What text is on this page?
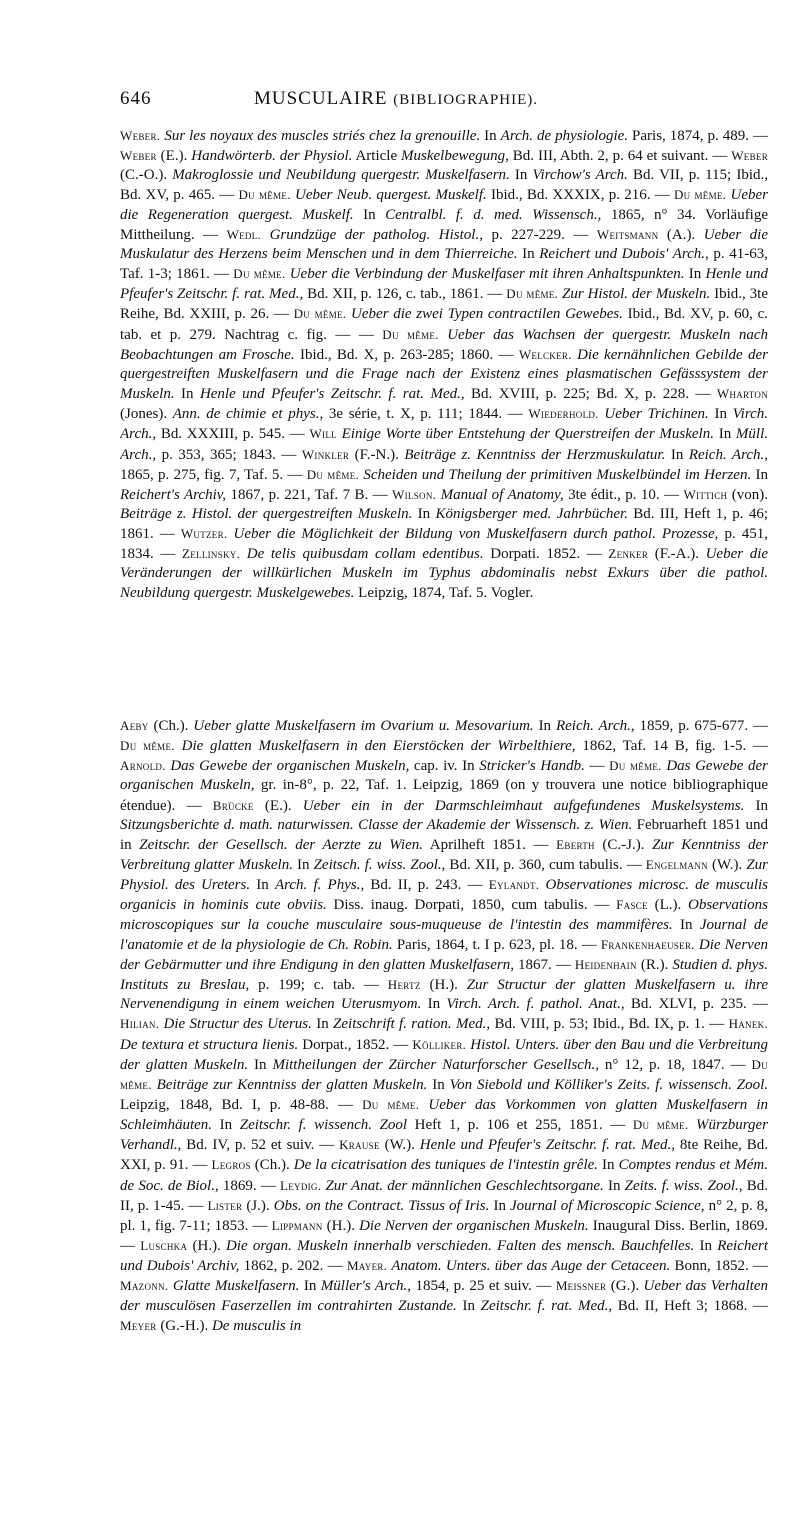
646	MUSCULAIRE (BIBLIOGRAPHIE).
Weber. Sur les noyaux des muscles striés chez la grenouille. In Arch. de physiologie. Paris, 1874, p. 489. — Weber (E.). Handwörterb. der Physiol. Article Muskelbewegung, Bd. III, Abth. 2, p. 64 et suivant. — Weber (C.-O.). Makroglossie und Neubildung quergestr. Muskelfasern. In Virchow's Arch. Bd. VII, p. 115; Ibid., Bd. XV, p. 465. — Du même. Ueber Neub. quergest. Muskelf. Ibid., Bd. XXXIX, p. 216. — Du même. Ueber die Regeneration quergest. Muskelf. In Centralbl. f. d. med. Wissensch., 1865, n° 34. Vorläufige Mittheilung. — Wedl. Grundzüge der patholog. Histol., p. 227-229. — Weitsmann (A.). Ueber die Muskulatur des Herzens beim Menschen und in dem Thierreiche. In Reichert und Dubois' Arch., p. 41-63, Taf. 1-3; 1861. — Du même. Ueber die Verbindung der Muskelfaser mit ihren Anhaltspunkten. In Henle und Pfeufer's Zeitschr. f. rat. Med., Bd. XII, p. 126, c. tab., 1861. — Du même. Zur Histol. der Muskeln. Ibid., 3te Reihe, Bd. XXIII, p. 26. — Du même. Ueber die zwei Typen contractilen Gewebes. Ibid., Bd. XV, p. 60, c. tab. et p. 279. Nachtrag c. fig. — — Du même. Ueber das Wachsen der quergestr. Muskeln nach Beobachtungen am Frosche. Ibid., Bd. X, p. 263-285; 1860. — Welcker. Die kernähnlichen Gebilde der quergestreiften Muskelfasern und die Frage nach der Existenz eines plasmatischen Gefässsystem der Muskeln. In Henle und Pfeufer's Zeitschr. f. rat. Med., Bd. XVIII, p. 225; Bd. X, p. 228. — Wharton (Jones). Ann. de chimie et phys., 3e série, t. X, p. 111; 1844. — Wiederhold. Ueber Trichinen. In Virch. Arch., Bd. XXXIII, p. 545. — Will Einige Worte über Entstehung der Querstreifen der Muskeln. In Müll. Arch., p. 353, 365; 1843. — Winkler (F.-N.). Beiträge z. Kenntniss der Herzmuskulatur. In Reich. Arch., 1865, p. 275, fig. 7, Taf. 5. — Du même. Scheiden und Theilung der primitiven Muskelbündel im Herzen. In Reichert's Archiv, 1867, p. 221, Taf. 7 B. — Wilson. Manual of Anatomy, 3te édit., p. 10. — Wittich (von). Beiträge z. Histol. der quergestreiften Muskeln. In Königsberger med. Jahrbücher. Bd. III, Heft 1, p. 46; 1861. — Wutzer. Ueber die Möglichkeit der Bildung von Muskelfasern durch pathol. Prozesse, p. 451, 1834. — Zellinsky. De telis quibusdam collam edentibus. Dorpati. 1852. — Zenker (F.-A.). Ueber die Veränderungen der willkürlichen Muskeln im Typhus abdominalis nebst Exkurs über die pathol. Neubildung quergestr. Muskelgewebes. Leipzig, 1874, Taf. 5. Vogler.
Aeby (Ch.). Ueber glatte Muskelfasern im Ovarium u. Mesovarium. In Reich. Arch., 1859, p. 675-677. — Du même. Die glatten Muskelfasern in den Eierstöcken der Wirbelthiere, 1862, Taf. 14 B, fig. 1-5. — Arnold. Das Gewebe der organischen Muskeln, cap. iv. In Stricker's Handb. — Du même. Das Gewebe der organischen Muskeln, gr. in-8°, p. 22, Taf. 1. Leipzig, 1869 (on y trouvera une notice bibliographique étendue). — Brücke (E.). Ueber ein in der Darmschleimhaut aufgefundenes Muskelsystems. In Sitzungsberichte d. math. naturwissen. Classe der Akademie der Wissensch. z. Wien. Februarheft 1851 und in Zeitschr. der Gesellsch. der Aerzte zu Wien. Aprilheft 1851. — Eberth (C.-J.). Zur Kenntniss der Verbreitung glatter Muskeln. In Zeitsch. f. wiss. Zool., Bd. XII, p. 360, cum tabulis. — Engelmann (W.). Zur Physiol. des Ureters. In Arch. f. Phys., Bd. II, p. 243. — Eylandt. Observationes microsc. de musculis organicis in hominis cute obviis. Diss. inaug. Dorpati, 1850, cum tabulis. — Fasce (L.). Observations microscopiques sur la couche musculaire sous-muqueuse de l'intestin des mammifères. In Journal de l'anatomie et de la physiologie de Ch. Robin. Paris, 1864, t. I p. 623, pl. 18. — Frankenhaeuser. Die Nerven der Gebärmutter und ihre Endigung in den glatten Muskelfasern, 1867. — Heidenhain (R.). Studien d. phys. Instituts zu Breslau, p. 199; c. tab. — Hertz (H.). Zur Structur der glatten Muskelfasern u. ihre Nervenendigung in einem weichen Uterusmyom. In Virch. Arch. f. pathol. Anat., Bd. XLVI, p. 235. — Hilian. Die Structur des Uterus. In Zeitschrift f. ration. Med., Bd. VIII, p. 53; Ibid., Bd. IX, p. 1. — Hanek. De textura et structura lienis. Dorpat., 1852. — Kölliker. Histol. Unters. über den Bau und die Verbreitung der glatten Muskeln. In Mittheilungen der Zürcher Naturforscher Gesellsch., n° 12, p. 18, 1847. — Du même. Beiträge zur Kenntniss der glatten Muskeln. In Von Siebold und Kölliker's Zeits. f. wissensch. Zool. Leipzig, 1848, Bd. I, p. 48-88. — Du même. Ueber das Vorkommen von glatten Muskelfasern in Schleimhäuten. In Zeitschr. f. wissench. Zool Heft 1, p. 106 et 255, 1851. — Du même. Würzburger Verhandl., Bd. IV, p. 52 et suiv. — Krause (W.). Henle und Pfeufer's Zeitschr. f. rat. Med., 8te Reihe, Bd. XXI, p. 91. — Legros (Ch.). De la cicatrisation des tuniques de l'intestin grêle. In Comptes rendus et Mém. de Soc. de Biol., 1869. — Leydig. Zur Anat. der männlichen Geschlechtsorgane. In Zeits. f. wiss. Zool., Bd. II, p. 1-45. — Lister (J.). Obs. on the Contract. Tissus of Iris. In Journal of Microscopic Science, n° 2, p. 8, pl. 1, fig. 7-11; 1853. — Lippmann (H.). Die Nerven der organischen Muskeln. Inaugural Diss. Berlin, 1869. — Luschka (H.). Die organ. Muskeln innerhalb verschieden. Falten des mensch. Bauchfelles. In Reichert und Dubois' Archiv, 1862, p. 202. — Mayer. Anatom. Unters. über das Auge der Cetaceen. Bonn, 1852. — Mazonn. Glatte Muskelfasern. In Müller's Arch., 1854, p. 25 et suiv. — Meissner (G.). Ueber das Verhalten der musculösen Faserzellen im contrahirten Zustande. In Zeitschr. f. rat. Med., Bd. II, Heft 3; 1868. — Meyer (G.-H.). De musculis in
